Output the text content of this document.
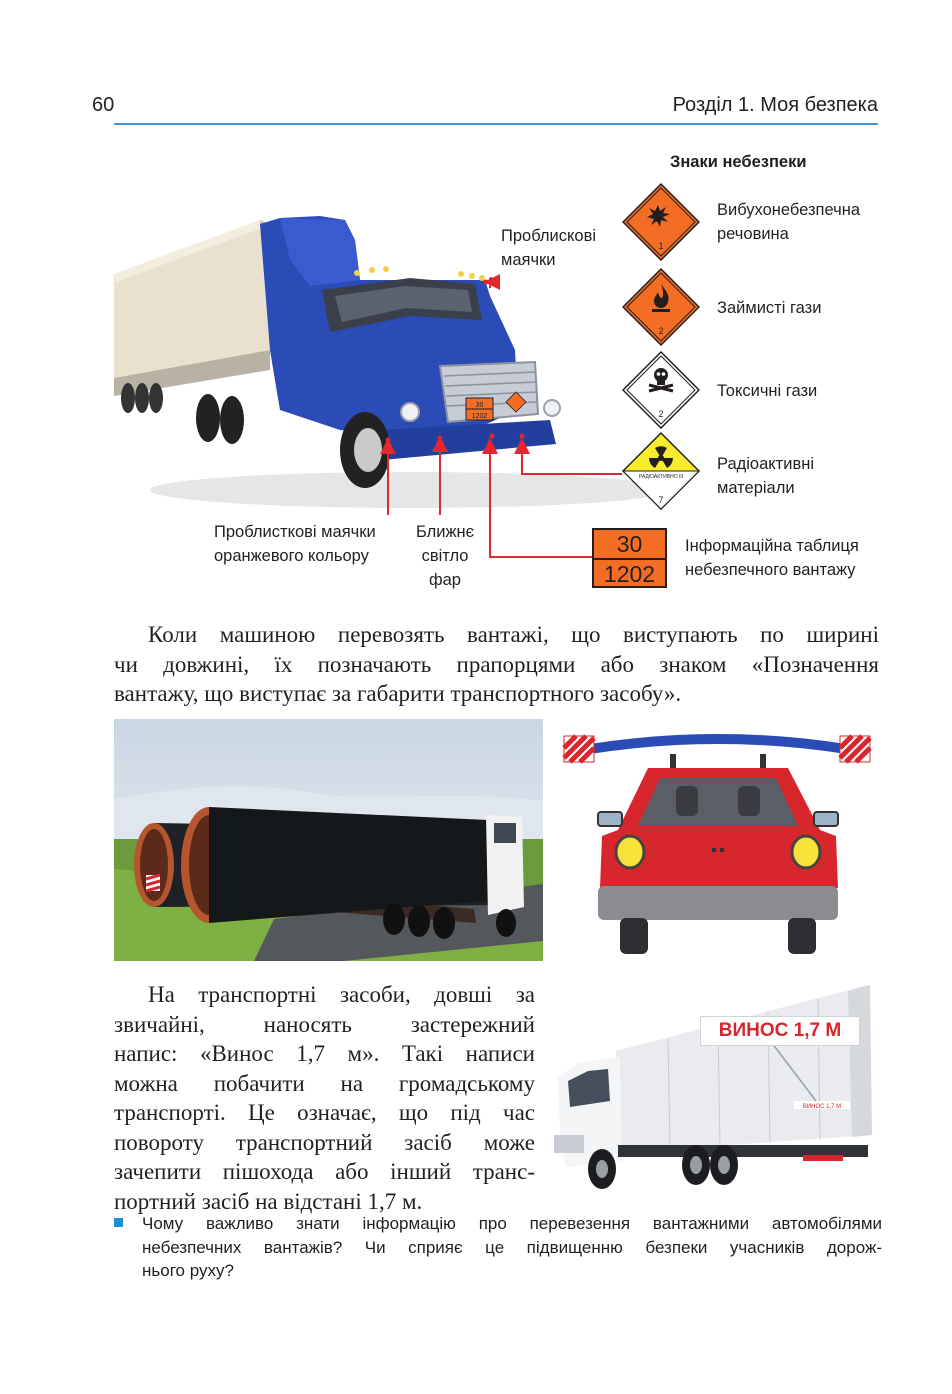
60	Розділ 1. Моя безпека
30
1202
Проблискові
маячки
Проблисткові маячки
оранжевого кольору
Ближнє
світло
фар
Знаки небезпеки
1
Вибухонебезпечна
речовина
2
Займисті гази
2
Токсичні гази
РАДІОАКТИВНО III
7
Радіоактивні
матеріали
30
1202
Інформаційна таблиця
небезпечного вантажу
Коли машиною перевозять вантажі, що виступають по ширині
чи довжині, їх позначають прапорцями або знаком «Позначення
вантажу, що виступає за габарити транспортного засобу».
На транспортні засоби, довші за
звичайні, наносять застережний
напис: «Винос 1,7 м». Такі написи
можна побачити на громадському
транспорті. Це означає, що під час
повороту транспортний засіб може
зачепити пішохода або інший транс-
портний засіб на відстані 1,7 м.
ВИНОС 1,7 М
ВИНОС 1,7 М
Чому важливо знати інформацію про перевезення вантажними автомобілями
небезпечних вантажів? Чи сприяє це підвищенню безпеки учасників дорож-
нього руху?
